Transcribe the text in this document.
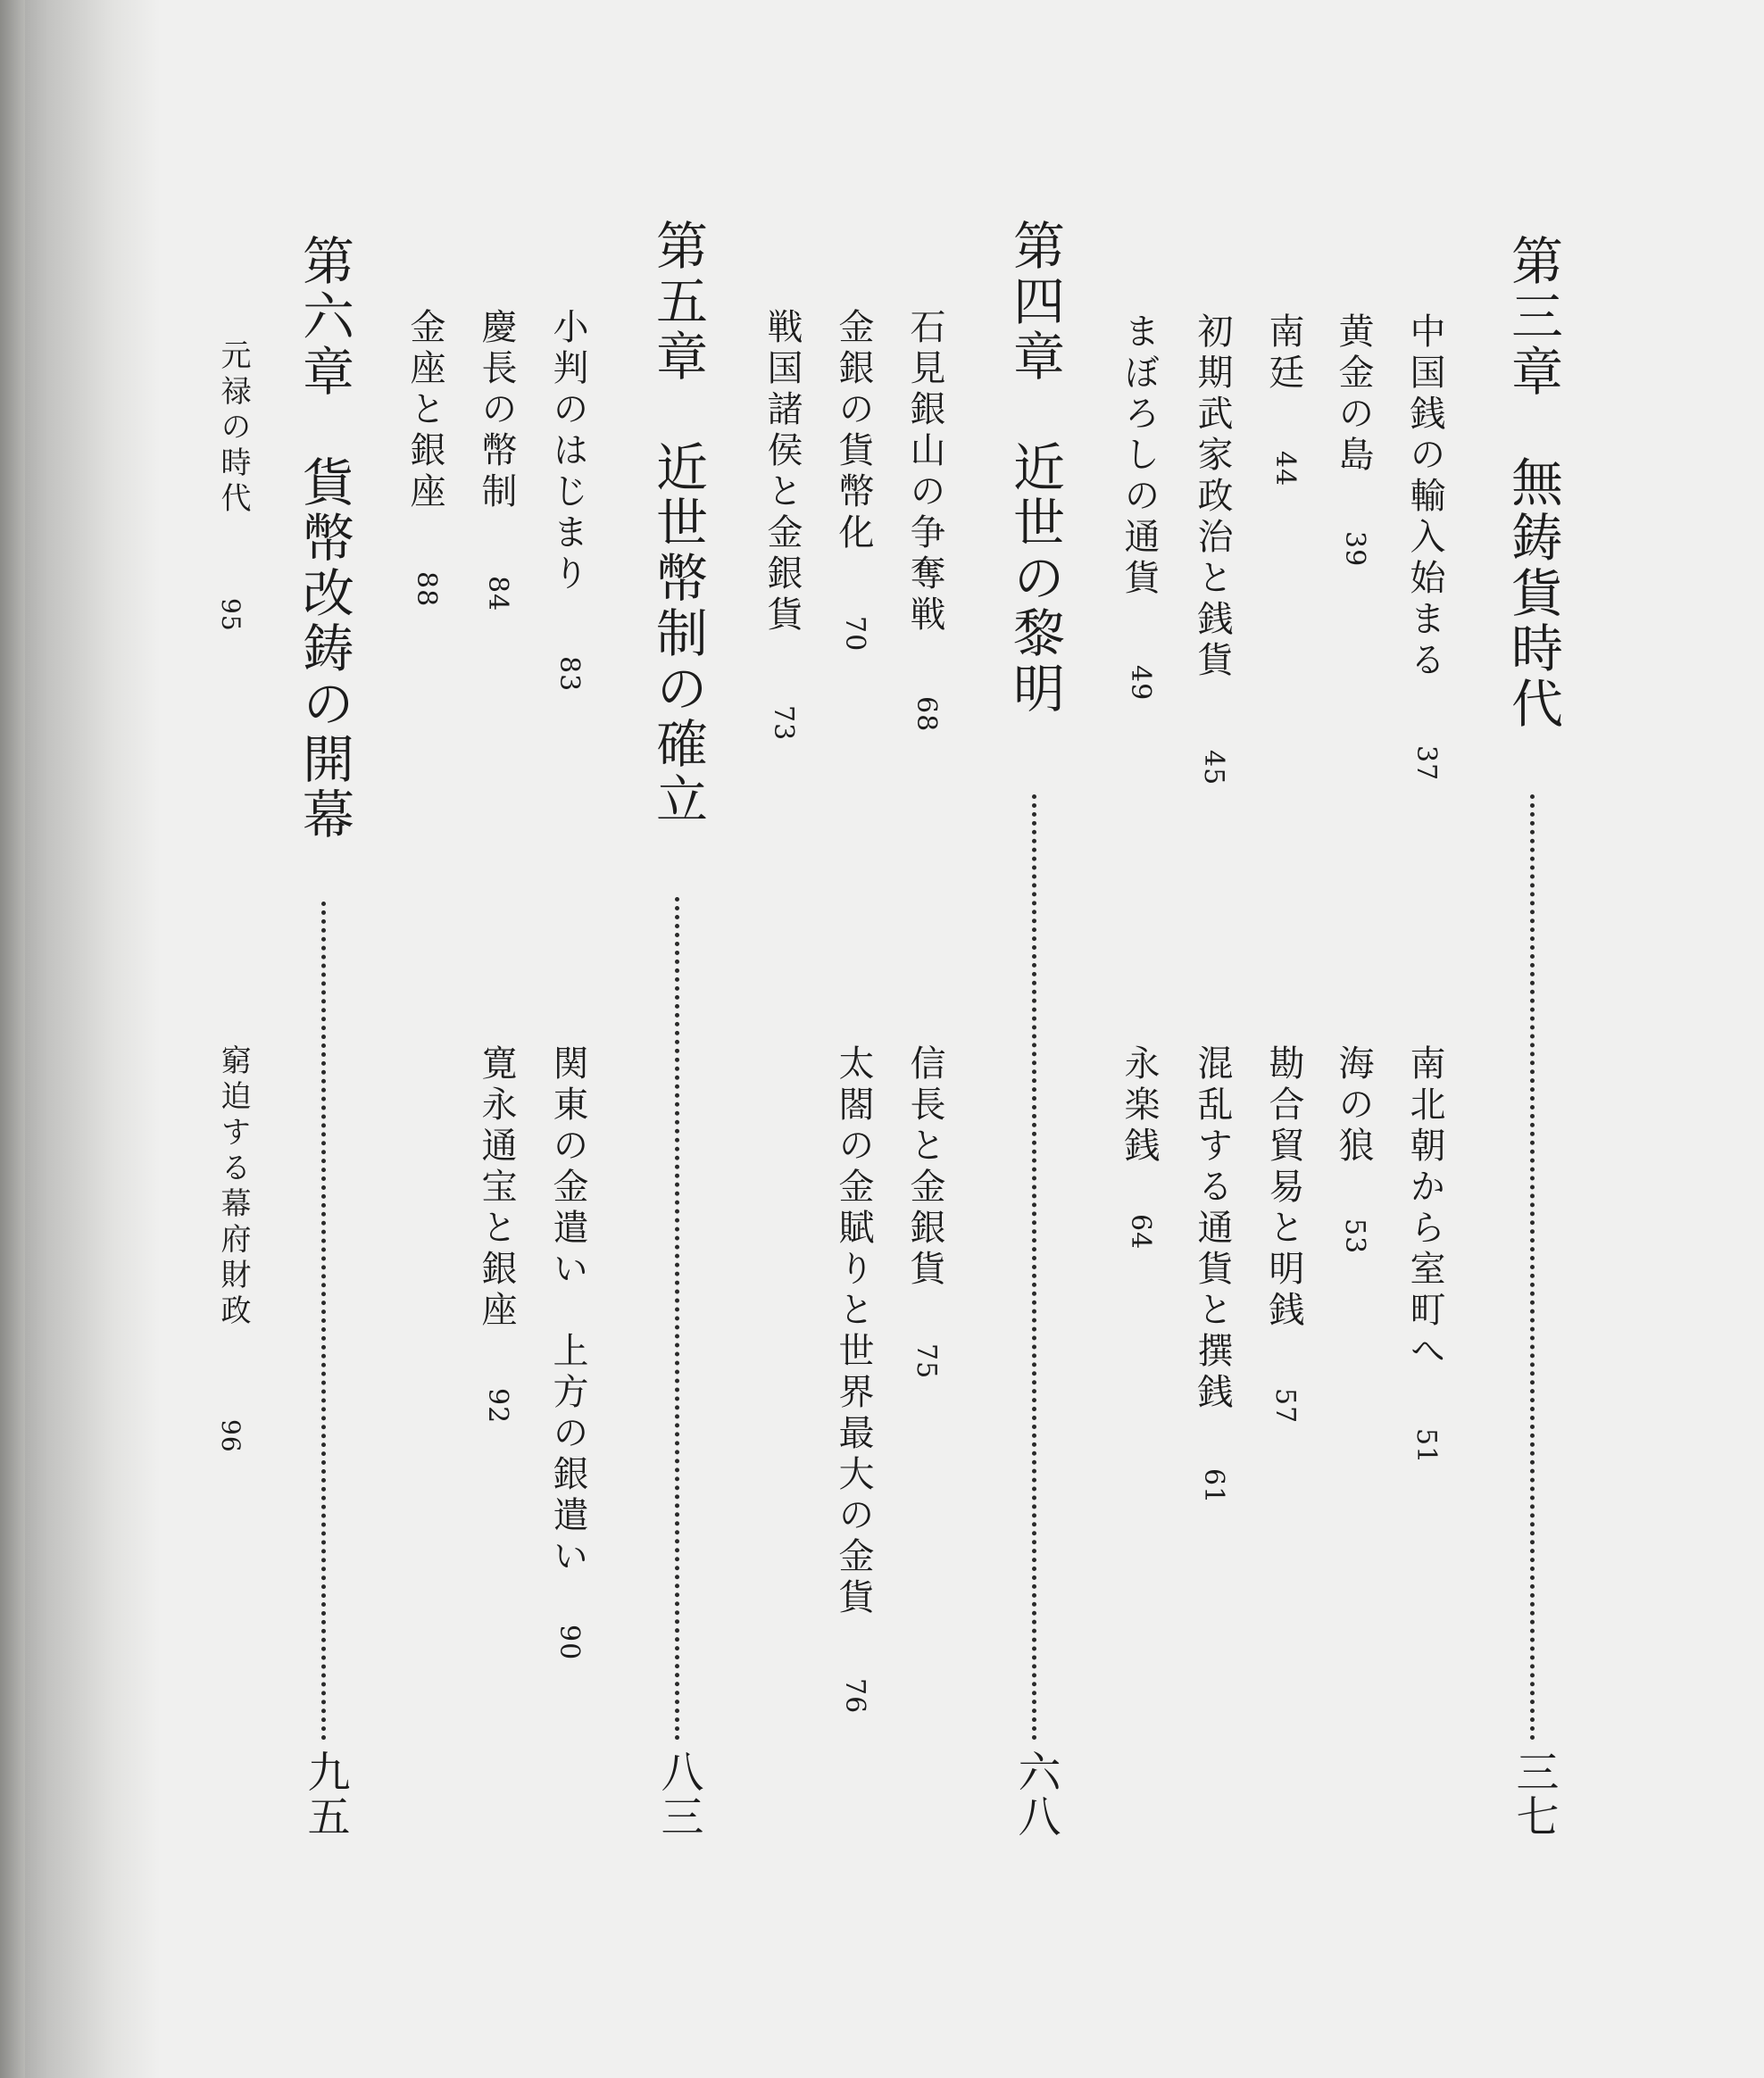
第三章　無鋳貨時代
三七
中国銭の輸入始まる
37
黄金の島
39
南廷
44
初期武家政治と銭貨
45
まぼろしの通貨
49
南北朝から室町へ
51
海の狼
53
勘合貿易と明銭
57
混乱する通貨と撰銭
61
永楽銭
64
第四章　近世の黎明
六八
石見銀山の争奪戦
68
金銀の貨幣化
70
戦国諸侯と金銀貨
73
信長と金銀貨
75
太閤の金賦りと世界最大の金貨
76
第五章　近世幣制の確立
八三
小判のはじまり
83
慶長の幣制
84
金座と銀座
88
関東の金遣い　上方の銀遣い
90
寛永通宝と銀座
92
第六章　貨幣改鋳の開幕
九五
元禄の時代
95
窮迫する幕府財政
96
